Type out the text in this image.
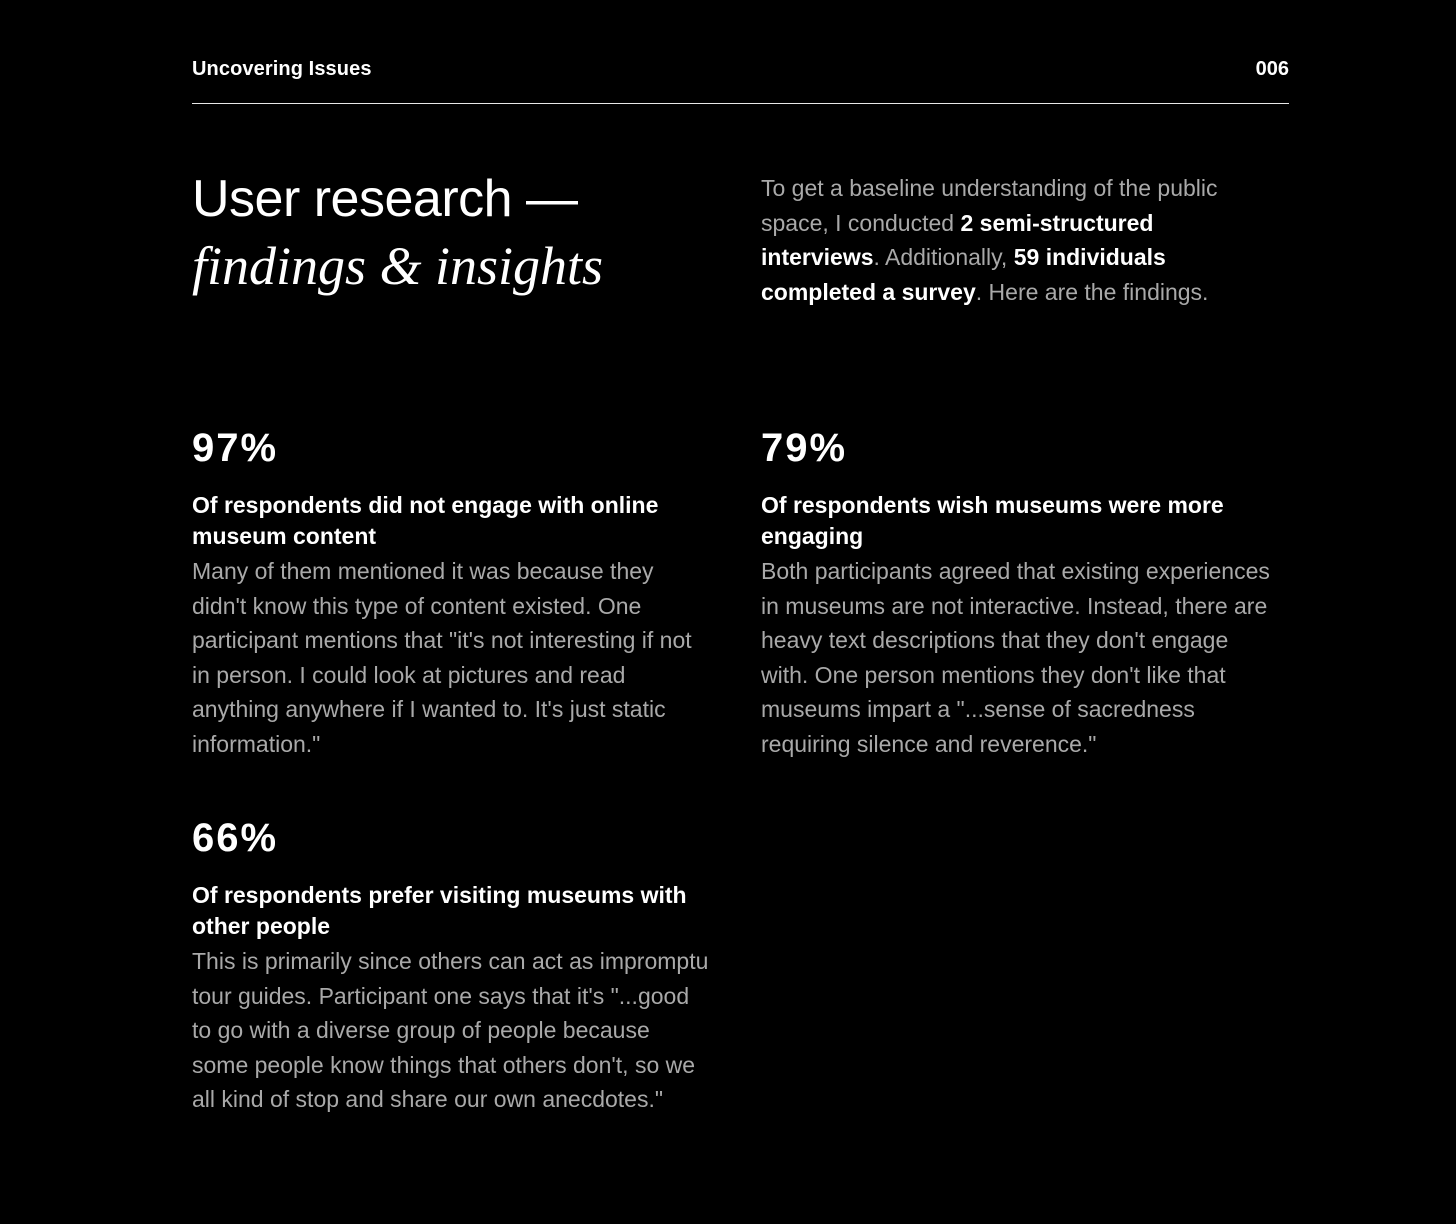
Uncovering Issues	006
User research —
findings & insights
To get a baseline understanding of the public space, I conducted 2 semi-structured interviews. Additionally, 59 individuals completed a survey. Here are the findings.
97%
Of respondents did not engage with online museum content
Many of them mentioned it was because they didn't know this type of content existed. One participant mentions that "it's not interesting if not in person. I could look at pictures and read anything anywhere if I wanted to. It's just static information."
79%
Of respondents wish museums were more engaging
Both participants agreed that existing experiences in museums are not interactive. Instead, there are heavy text descriptions that they don't engage with. One person mentions they don't like that museums impart a "...sense of sacredness requiring silence and reverence."
66%
Of respondents prefer visiting museums with other people
This is primarily since others can act as impromptu tour guides. Participant one says that it's "...good to go with a diverse group of people because some people know things that others don't, so we all kind of stop and share our own anecdotes."
